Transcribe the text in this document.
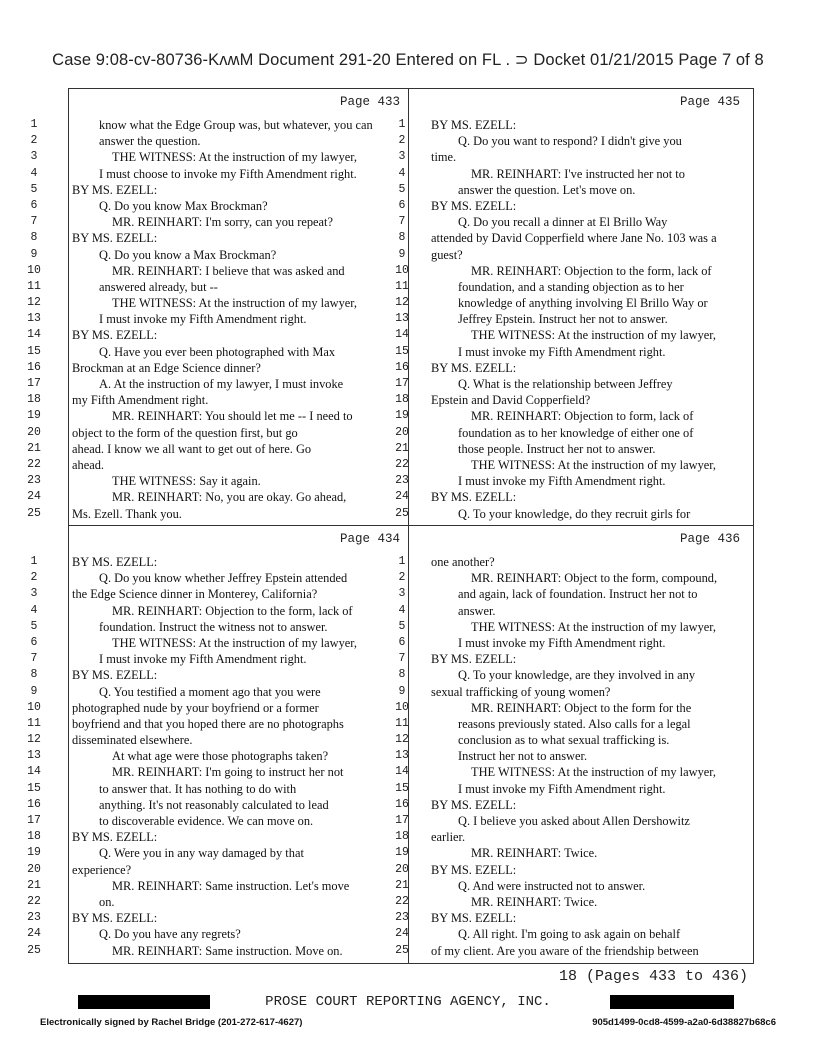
Case 9:08-cv-80736-KʌʍM Document 291-20 Entered on FL . ⊃ Docket 01/21/2015 Page 7 of 8
Page 433
1	know what the Edge Group was, but whatever, you can
2	answer the question.
3	THE WITNESS: At the instruction of my lawyer,
4	I must choose to invoke my Fifth Amendment right.
5	BY MS. EZELL:
6	Q. Do you know Max Brockman?
7	MR. REINHART: I'm sorry, can you repeat?
8	BY MS. EZELL:
9	Q. Do you know a Max Brockman?
10	MR. REINHART: I believe that was asked and
11	answered already, but --
12	THE WITNESS: At the instruction of my lawyer,
13	I must invoke my Fifth Amendment right.
14	BY MS. EZELL:
15	Q. Have you ever been photographed with Max
16	Brockman at an Edge Science dinner?
17	A. At the instruction of my lawyer, I must invoke
18	my Fifth Amendment right.
19	MR. REINHART: You should let me -- I need to
20	object to the form of the question first, but go
21	ahead. I know we all want to get out of here. Go
22	ahead.
23	THE WITNESS: Say it again.
24	MR. REINHART: No, you are okay. Go ahead,
25	Ms. Ezell. Thank you.
Page 435
1	BY MS. EZELL:
2	Q. Do you want to respond? I didn't give you
3	time.
4	MR. REINHART: I've instructed her not to
5	answer the question. Let's move on.
6	BY MS. EZELL:
7	Q. Do you recall a dinner at El Brillo Way
8	attended by David Copperfield where Jane No. 103 was a
9	guest?
10	MR. REINHART: Objection to the form, lack of
11	foundation, and a standing objection as to her
12	knowledge of anything involving El Brillo Way or
13	Jeffrey Epstein. Instruct her not to answer.
14	THE WITNESS: At the instruction of my lawyer,
15	I must invoke my Fifth Amendment right.
16	BY MS. EZELL:
17	Q. What is the relationship between Jeffrey
18	Epstein and David Copperfield?
19	MR. REINHART: Objection to form, lack of
20	foundation as to her knowledge of either one of
21	those people. Instruct her not to answer.
22	THE WITNESS: At the instruction of my lawyer,
23	I must invoke my Fifth Amendment right.
24	BY MS. EZELL:
25	Q. To your knowledge, do they recruit girls for
Page 434
1	BY MS. EZELL:
2	Q. Do you know whether Jeffrey Epstein attended
3	the Edge Science dinner in Monterey, California?
4	MR. REINHART: Objection to the form, lack of
5	foundation. Instruct the witness not to answer.
6	THE WITNESS: At the instruction of my lawyer,
7	I must invoke my Fifth Amendment right.
8	BY MS. EZELL:
9	Q. You testified a moment ago that you were
10	photographed nude by your boyfriend or a former
11	boyfriend and that you hoped there are no photographs
12	disseminated elsewhere.
13	At what age were those photographs taken?
14	MR. REINHART: I'm going to instruct her not
15	to answer that. It has nothing to do with
16	anything. It's not reasonably calculated to lead
17	to discoverable evidence. We can move on.
18	BY MS. EZELL:
19	Q. Were you in any way damaged by that
20	experience?
21	MR. REINHART: Same instruction. Let's move
22	on.
23	BY MS. EZELL:
24	Q. Do you have any regrets?
25	MR. REINHART: Same instruction. Move on.
Page 436
1	one another?
2	MR. REINHART: Object to the form, compound,
3	and again, lack of foundation. Instruct her not to
4	answer.
5	THE WITNESS: At the instruction of my lawyer,
6	I must invoke my Fifth Amendment right.
7	BY MS. EZELL:
8	Q. To your knowledge, are they involved in any
9	sexual trafficking of young women?
10	MR. REINHART: Object to the form for the
11	reasons previously stated. Also calls for a legal
12	conclusion as to what sexual trafficking is.
13	Instruct her not to answer.
14	THE WITNESS: At the instruction of my lawyer,
15	I must invoke my Fifth Amendment right.
16	BY MS. EZELL:
17	Q. I believe you asked about Allen Dershowitz
18	earlier.
19	MR. REINHART: Twice.
20	BY MS. EZELL:
21	Q. And were instructed not to answer.
22	MR. REINHART: Twice.
23	BY MS. EZELL:
24	Q. All right. I'm going to ask again on behalf
25	of my client. Are you aware of the friendship between
18 (Pages 433 to 436)
PROSE COURT REPORTING AGENCY, INC.
Electronically signed by Rachel Bridge (201-272-617-4627)	905d1499-0cd8-4599-a2a0-6d38827b68c6
